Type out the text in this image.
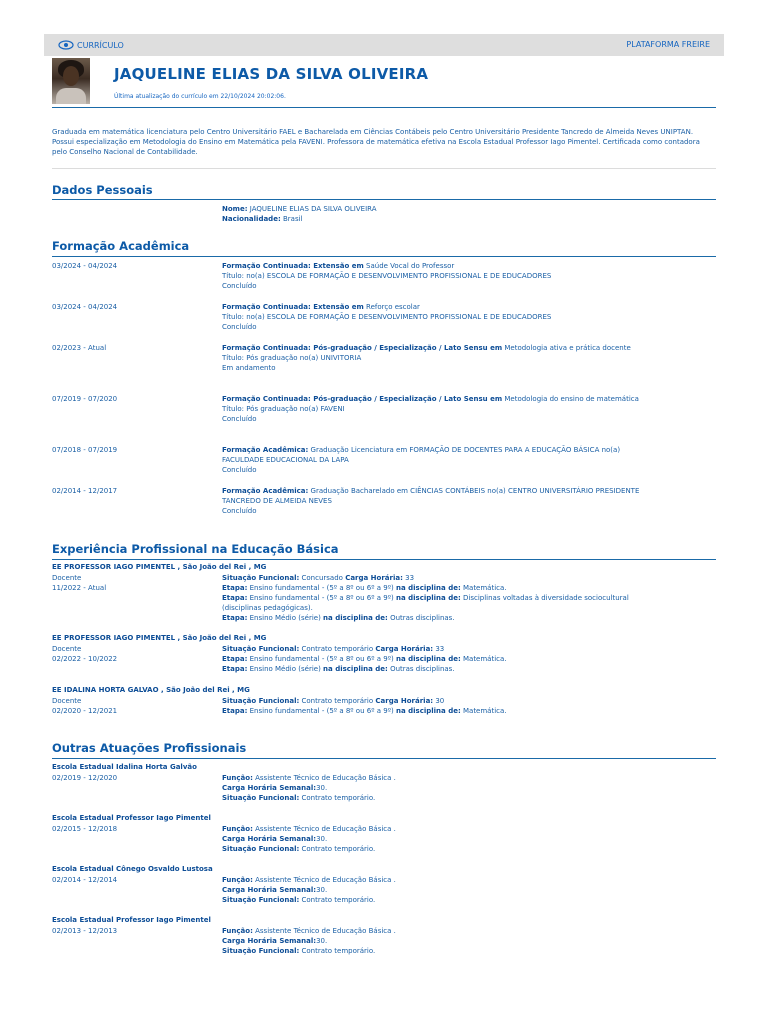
CURRÍCULO	PLATAFORMA FREIRE
JAQUELINE ELIAS DA SILVA OLIVEIRA
Última atualização do currículo em 22/10/2024 20:02:06.
Graduada em matemática licenciatura pelo Centro Universitário FAEL e Bacharelada em Ciências Contábeis pelo Centro Universitário Presidente Tancredo de Almeida Neves UNIPTAN. Possui especialização em Metodologia do Ensino em Matemática pela FAVENI. Professora de matemática efetiva na Escola Estadual Professor Iago Pimentel. Certificada como contadora pelo Conselho Nacional de Contabilidade.
Dados Pessoais
Nome: JAQUELINE ELIAS DA SILVA OLIVEIRA
Nacionalidade: Brasil
Formação Acadêmica
03/2024 - 04/2024	Formação Continuada: Extensão em Saúde Vocal do Professor
Título: no(a) ESCOLA DE FORMAÇÃO E DESENVOLVIMENTO PROFISSIONAL E DE EDUCADORES
Concluído
03/2024 - 04/2024	Formação Continuada: Extensão em Reforço escolar
Título: no(a) ESCOLA DE FORMAÇÃO E DESENVOLVIMENTO PROFISSIONAL E DE EDUCADORES
Concluído
02/2023 - Atual	Formação Continuada: Pós-graduação / Especialização / Lato Sensu em Metodologia ativa e prática docente
Título: Pós graduação no(a) UNIVITORIA
Em andamento
07/2019 - 07/2020	Formação Continuada: Pós-graduação / Especialização / Lato Sensu em Metodologia do ensino de matemática
Título: Pós graduação no(a) FAVENI
Concluído
07/2018 - 07/2019	Formação Acadêmica: Graduação Licenciatura em FORMAÇÃO DE DOCENTES PARA A EDUCAÇÃO BÁSICA no(a) FACULDADE EDUCACIONAL DA LAPA
Concluído
02/2014 - 12/2017	Formação Acadêmica: Graduação Bacharelado em CIÊNCIAS CONTÁBEIS no(a) CENTRO UNIVERSITÁRIO PRESIDENTE TANCREDO DE ALMEIDA NEVES
Concluído
Experiência Profissional na Educação Básica
EE PROFESSOR IAGO PIMENTEL , São João del Rei , MG
Docente
11/2022 - Atual
Situação Funcional: Concursado Carga Horária: 33
Etapa: Ensino fundamental - (5º a 8º ou 6º a 9º) na disciplina de: Matemática.
Etapa: Ensino fundamental - (5º a 8º ou 6º a 9º) na disciplina de: Disciplinas voltadas à diversidade sociocultural (disciplinas pedagógicas).
Etapa: Ensino Médio (série) na disciplina de: Outras disciplinas.
EE PROFESSOR IAGO PIMENTEL , São João del Rei , MG
Docente
02/2022 - 10/2022
Situação Funcional: Contrato temporário Carga Horária: 33
Etapa: Ensino fundamental - (5º a 8º ou 6º a 9º) na disciplina de: Matemática.
Etapa: Ensino Médio (série) na disciplina de: Outras disciplinas.
EE IDALINA HORTA GALVAO , São João del Rei , MG
Docente
02/2020 - 12/2021
Situação Funcional: Contrato temporário Carga Horária: 30
Etapa: Ensino fundamental - (5º a 8º ou 6º a 9º) na disciplina de: Matemática.
Outras Atuações Profissionais
Escola Estadual Idalina Horta Galvão
02/2019 - 12/2020	Função: Assistente Técnico de Educação Básica .
Carga Horária Semanal:30.
Situação Funcional: Contrato temporário.
Escola Estadual Professor Iago Pimentel
02/2015 - 12/2018	Função: Assistente Técnico de Educação Básica .
Carga Horária Semanal:30.
Situação Funcional: Contrato temporário.
Escola Estadual Cônego Osvaldo Lustosa
02/2014 - 12/2014	Função: Assistente Técnico de Educação Básica .
Carga Horária Semanal:30.
Situação Funcional: Contrato temporário.
Escola Estadual Professor Iago Pimentel
02/2013 - 12/2013	Função: Assistente Técnico de Educação Básica .
Carga Horária Semanal:30.
Situação Funcional: Contrato temporário.
